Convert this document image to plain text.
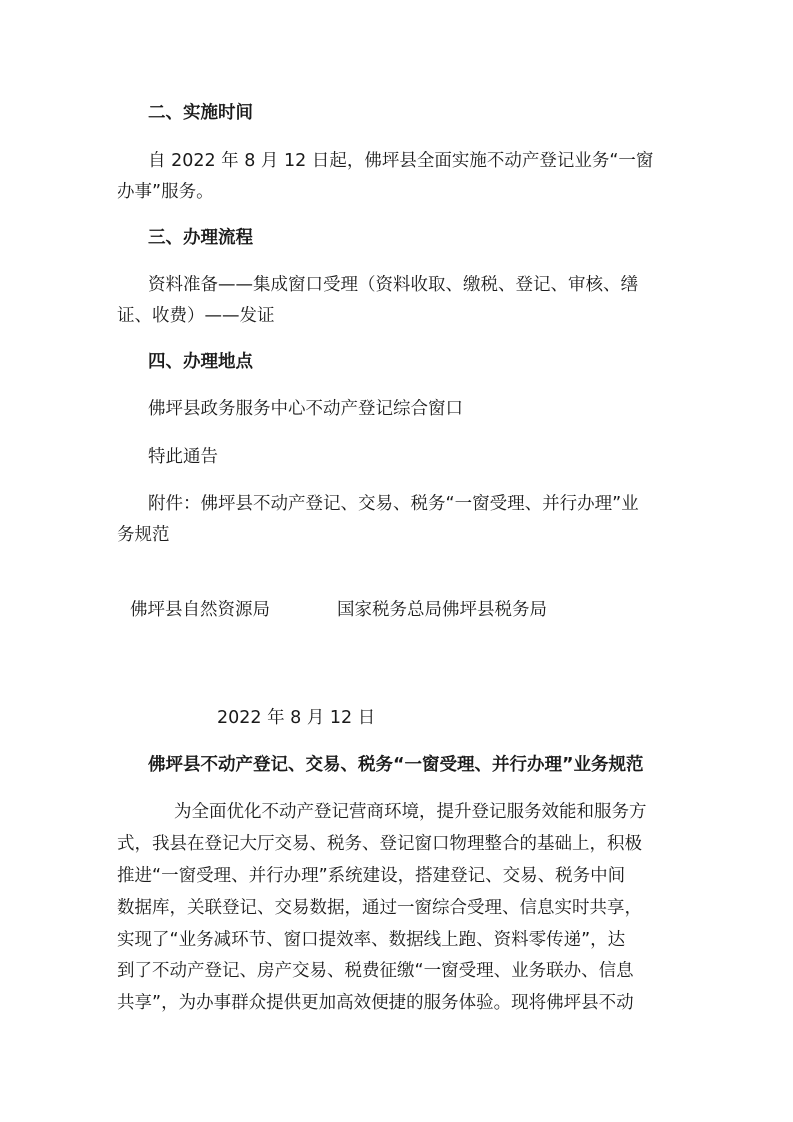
二、实施时间
自 2022 年 8 月 12 日起，佛坪县全面实施不动产登记业务“一窗
办事”服务。
三、办理流程
资料准备——集成窗口受理（资料收取、缴税、登记、审核、缮
证、收费）——发证
四、办理地点
佛坪县政务服务中心不动产登记综合窗口
特此通告
附件：佛坪县不动产登记、交易、税务“一窗受理、并行办理”业
务规范
佛坪县自然资源局	国家税务总局佛坪县税务局
2022 年 8 月 12 日
佛坪县不动产登记、交易、税务“一窗受理、并行办理”业务规范
为全面优化不动产登记营商环境，提升登记服务效能和服务方
式，我县在登记大厅交易、税务、登记窗口物理整合的基础上，积极
推进“一窗受理、并行办理”系统建设，搭建登记、交易、税务中间
数据库，关联登记、交易数据，通过一窗综合受理、信息实时共享，
实现了“业务减环节、窗口提效率、数据线上跑、资料零传递”，达
到了不动产登记、房产交易、税费征缴“一窗受理、业务联办、信息
共享”，为办事群众提供更加高效便捷的服务体验。现将佛坪县不动
